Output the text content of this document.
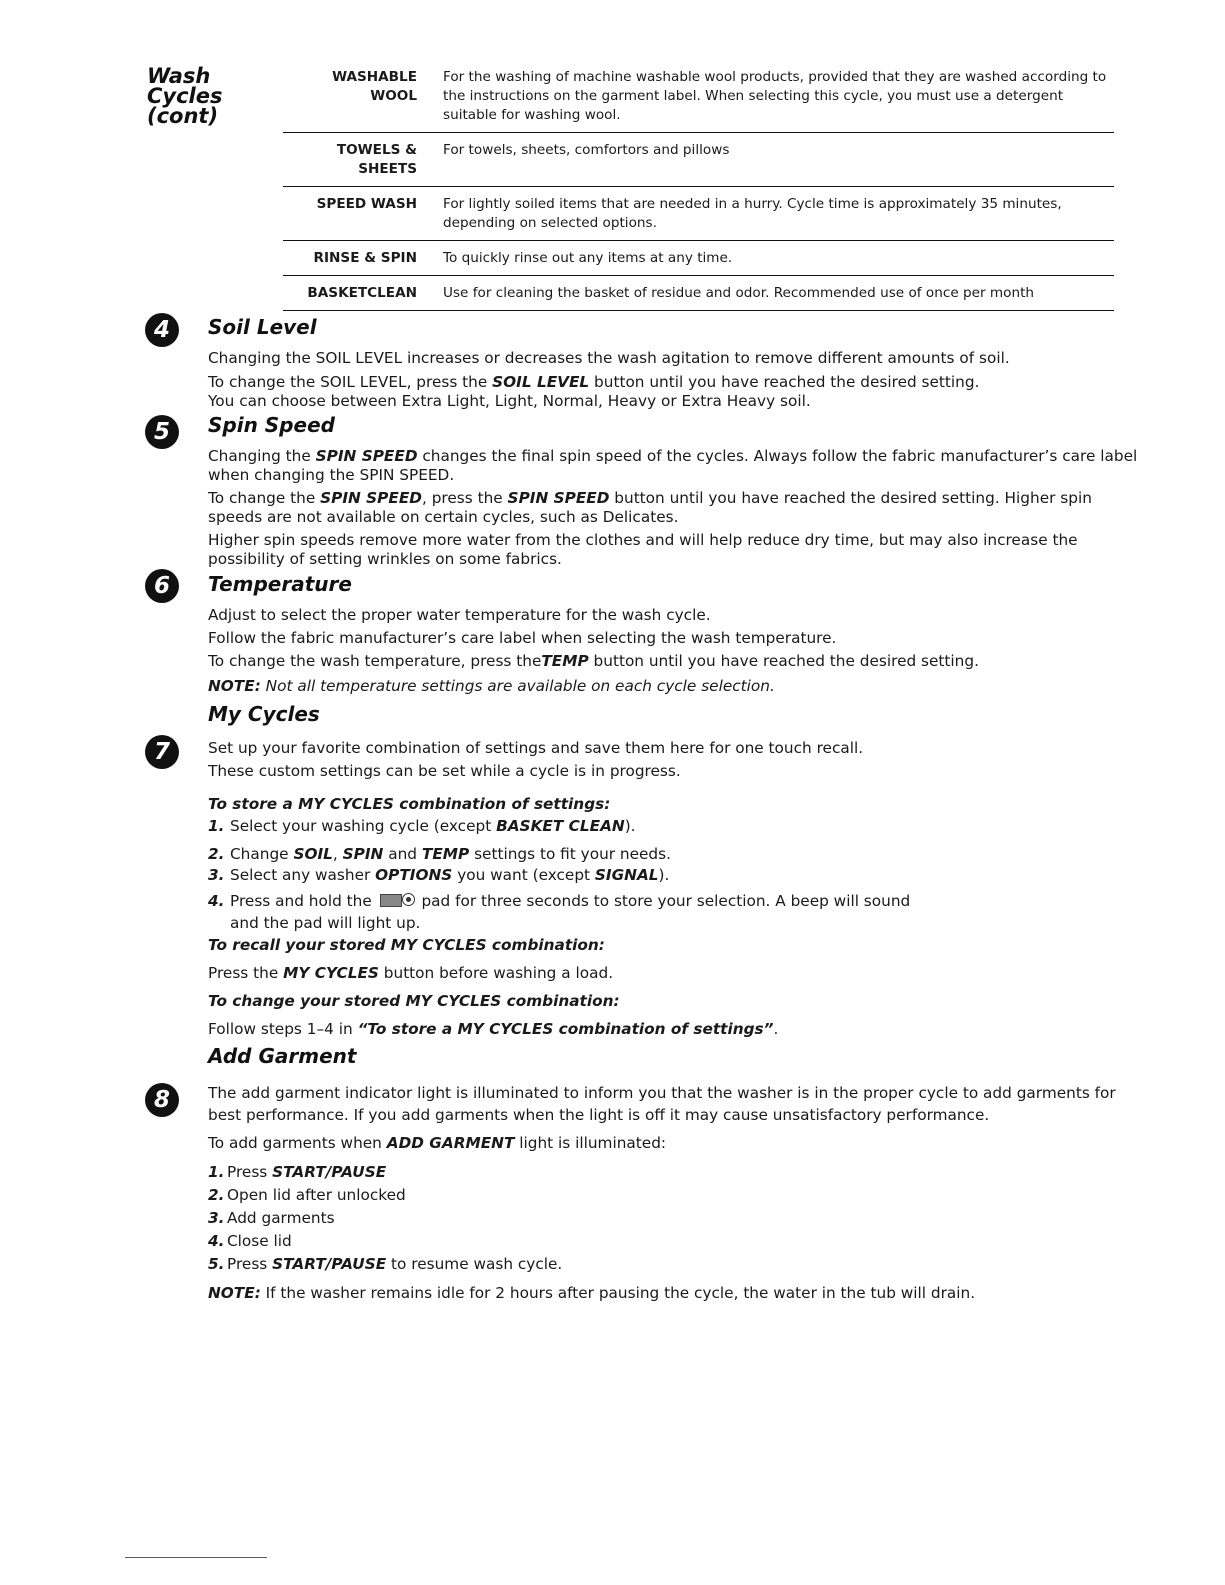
Wash
Cycles
(cont)
WASHABLE
WOOL
For the washing of machine washable wool products, provided that they are washed according to the instructions on the garment label. When selecting this cycle, you must use a detergent suitable for washing wool.
TOWELS & SHEETS
For towels, sheets, comfortors and pillows
SPEED WASH For lightly soiled items that are needed in a hurry. Cycle time is approximately 35 minutes, depending on selected options.
RINSE & SPIN To quickly rinse out any items at any time.
BASKETCLEAN Use for cleaning the basket of residue and odor. Recommended use of once per month
4
5
6
7
8
Soil Level
Changing the SOIL LEVEL increases or decreases the wash agitation to remove different amounts of soil.
To change the SOIL LEVEL, press the SOIL LEVEL button until you have reached the desired setting.
You can choose between Extra Light, Light, Normal, Heavy or Extra Heavy soil.
Spin Speed
Changing the SPIN SPEED changes the final spin speed of the cycles. Always follow the fabric manufacturer’s care label when changing the SPIN SPEED.
To change the SPIN SPEED, press the SPIN SPEED button until you have reached the desired setting. Higher spin speeds are not available on certain cycles, such as Delicates.
Higher spin speeds remove more water from the clothes and will help reduce dry time, but may also increase the possibility of setting wrinkles on some fabrics.
Temperature
Adjust to select the proper water temperature for the wash cycle.
Follow the fabric manufacturer’s care label when selecting the wash temperature.
To change the wash temperature, press theTEMP button until you have reached the desired setting.
NOTE: Not all temperature settings are available on each cycle selection.
My Cycles
Set up your favorite combination of settings and save them here for one touch recall.
These custom settings can be set while a cycle is in progress.
To store a MY CYCLES combination of settings:
1. Select your washing cycle (except BASKET CLEAN).
2. Change SOIL, SPIN and TEMP settings to fit your needs.
3. Select any washer OPTIONS you want (except SIGNAL).
4. Press and hold the	pad for three seconds to store your selection. A beep will sound
and the pad will light up.
To recall your stored MY CYCLES combination:
Press the MY CYCLES button before washing a load.
To change your stored MY CYCLES combination:
Follow steps 1–4 in “To store a MY CYCLES combination of settings”.
Add Garment
The add garment indicator light is illuminated to inform you that the washer is in the proper cycle to add garments for best performance. If you add garments when the light is off it may cause unsatisfactory performance.
To add garments when ADD GARMENT light is illuminated:
1. Press START/PAUSE
2. Open lid after unlocked
3. Add garments
4. Close lid
5. Press START/PAUSE to resume wash cycle.
NOTE: If the washer remains idle for 2 hours after pausing the cycle, the water in the tub will drain.
